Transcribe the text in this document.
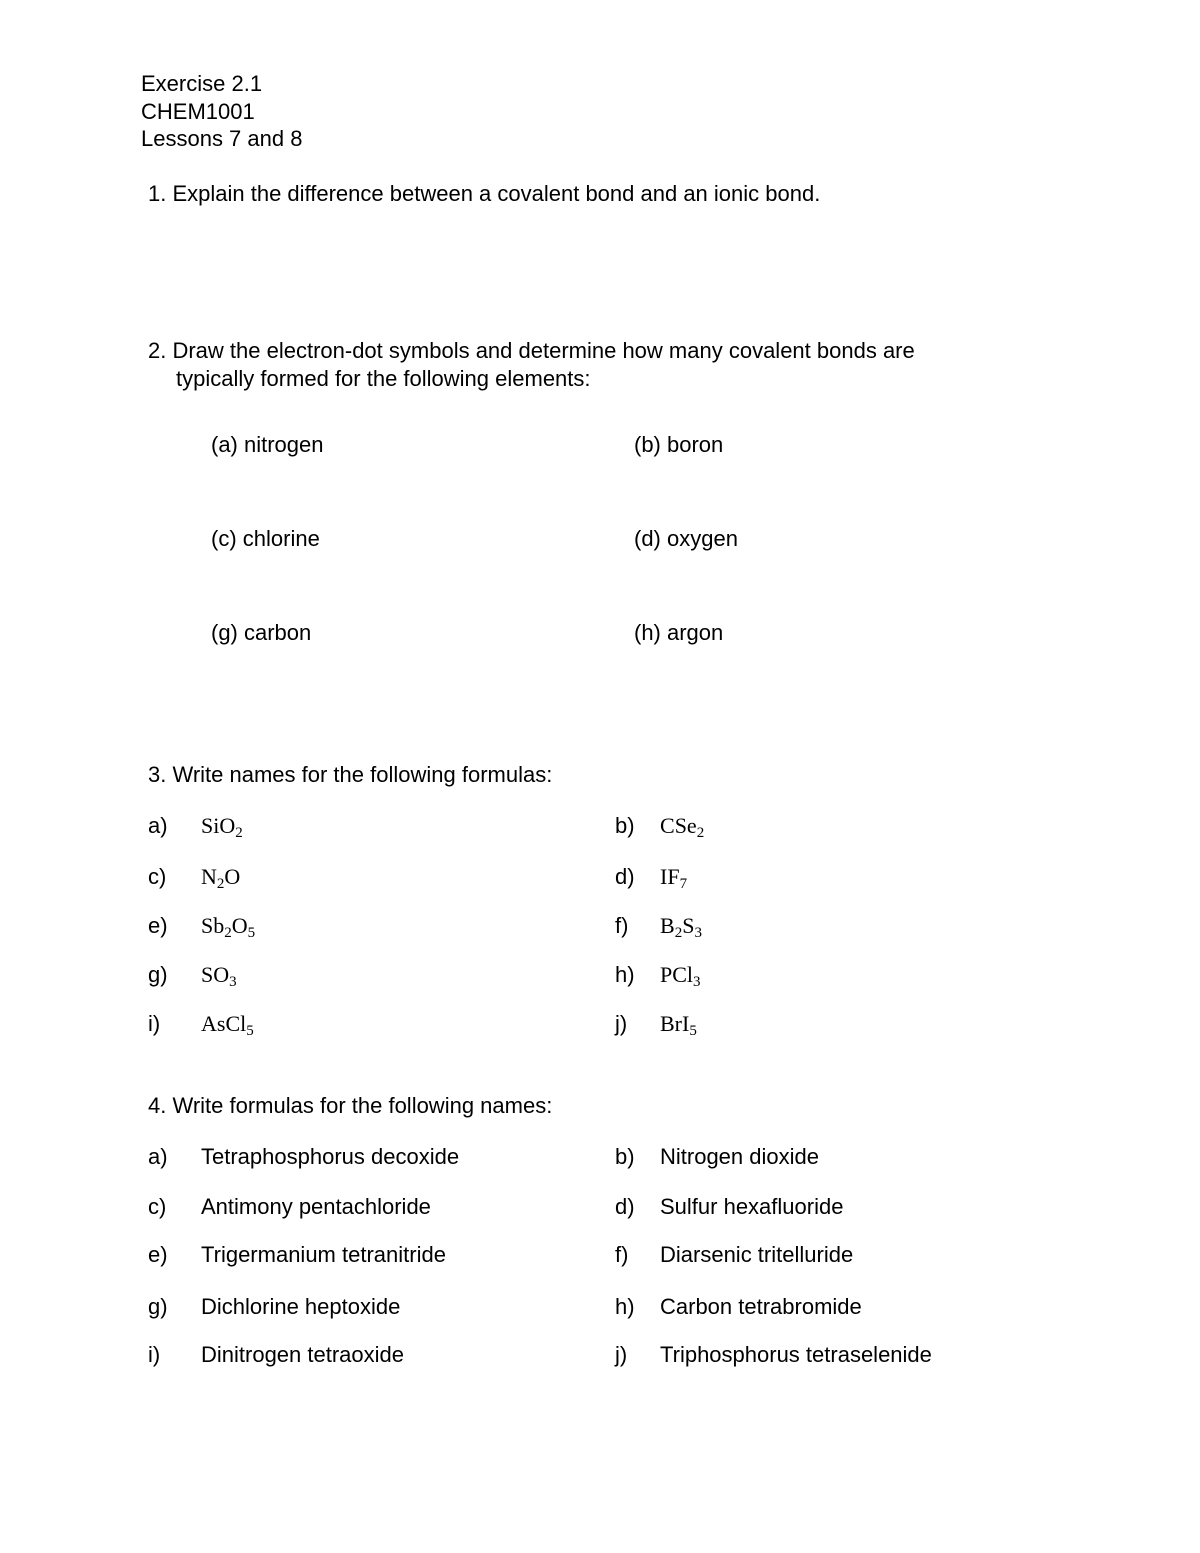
Exercise 2.1
CHEM1001
Lessons 7 and 8
1. Explain the difference between a covalent bond and an ionic bond.
2. Draw the electron-dot symbols and determine how many covalent bonds are
typically formed for the following elements:
(a) nitrogen	(b) boron
(c) chlorine	(d) oxygen
(g) carbon	(h) argon
3. Write names for the following formulas:
a) SiO$_2$	b) CSe$_2$
c) $N_2O$	d) $IF_7$
e) $Sb_2O_5$	f) $B_2S_3$
g) $SO_3$	h) PCl$_3$
i) AsCl$_5$	j) BrI$_5$
4. Write formulas for the following names:
a) Tetraphosphorus decoxide	b) Nitrogen dioxide
c) Antimony pentachloride	d) Sulfur hexafluoride
e) Trigermanium tetranitride	f) Diarsenic tritelluride
g) Dichlorine heptoxide	h) Carbon tetrabromide
i) Dinitrogen tetraoxide	j) Triphosphorus tetraselenide
